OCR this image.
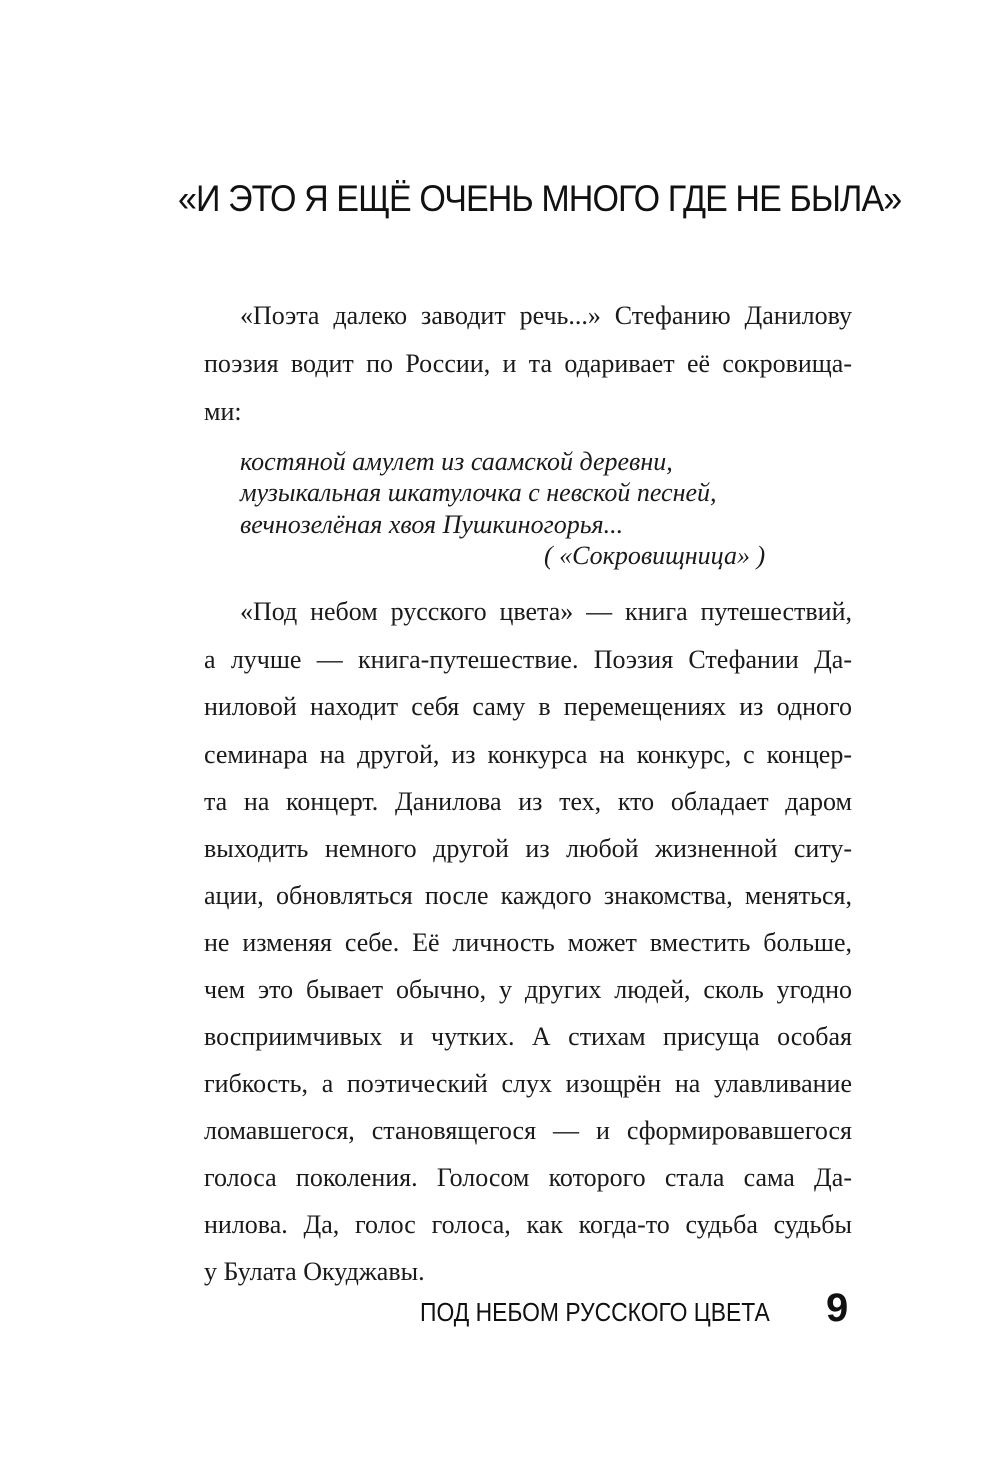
«И ЭТО Я ЕЩЁ ОЧЕНЬ МНОГО ГДЕ НЕ БЫЛА»
«Поэта далеко заводит речь...» Стефанию Данилову
поэзия водит по России, и та одаривает её сокровища-
ми:
костяной амулет из саамской деревни,
музыкальная шкатулочка с невской песней,
вечнозелёная хвоя Пушкиногорья...
( «Сокровищница» )
«Под небом русского цвета» — книга путешествий,
а лучше — книга-путешествие. Поэзия Стефании Да-
ниловой находит себя саму в перемещениях из одного
семинара на другой, из конкурса на конкурс, с концер-
та на концерт. Данилова из тех, кто обладает даром
выходить немного другой из любой жизненной ситу-
ации, обновляться после каждого знакомства, меняться,
не изменяя себе. Её личность может вместить больше,
чем это бывает обычно, у других людей, сколь угодно
восприимчивых и чутких. А стихам присуща особая
гибкость, а поэтический слух изощрён на улавливание
ломавшегося, становящегося — и сформировавшегося
голоса поколения. Голосом которого стала сама Да-
нилова. Да, голос голоса, как когда-то судьба судьбы
у Булата Окуджавы.
ПОД НЕБОМ РУССКОГО ЦВЕТА 9
